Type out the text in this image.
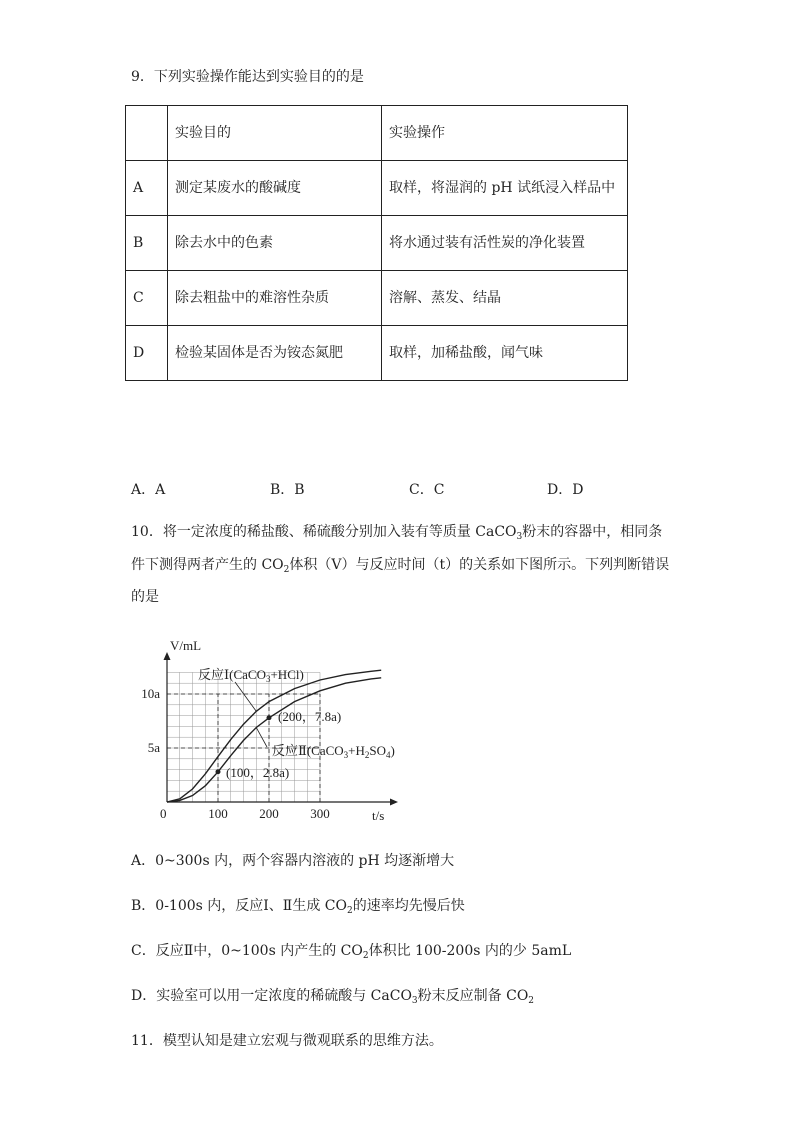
9．下列实验操作能达到实验目的的是
	实验目的	实验操作
A	测定某废水的酸碱度	取样，将湿润的 pH 试纸浸入样品中
B	除去水中的色素	将水通过装有活性炭的净化装置
C	除去粗盐中的难溶性杂质	溶解、蒸发、结晶
D	检验某固体是否为铵态氮肥	取样，加稀盐酸，闻气味
A．A	B．B	C．C	D．D
10．将一定浓度的稀盐酸、稀硫酸分别加入装有等质量 CaCO$_3$粉末的容器中，相同条
件下测得两者产生的 $CO_2$体积（V）与反应时间（t）的关系如下图所示。下列判断错误
的是
V/mL
t/s
0	100 200 300
5a
10a
(100，2.8a)
(200，7.8a)
反应Ⅰ(CaCO$_3$+HCl)
反应$Ⅱ(CaCO_3+H_2SO_4)$
A．0~300s 内，两个容器内溶液的 pH 均逐渐增大
B．0-100s 内，反应Ⅰ、Ⅱ生成 $CO_2$的速率均先慢后快
C．反应Ⅱ中，0~100s 内产生的 $CO_2$体积比 100-200s 内的少 5amL
D．实验室可以用一定浓度的稀硫酸与 CaCO$_3$粉末反应制备 $CO_2$
11．模型认知是建立宏观与微观联系的思维方法。
